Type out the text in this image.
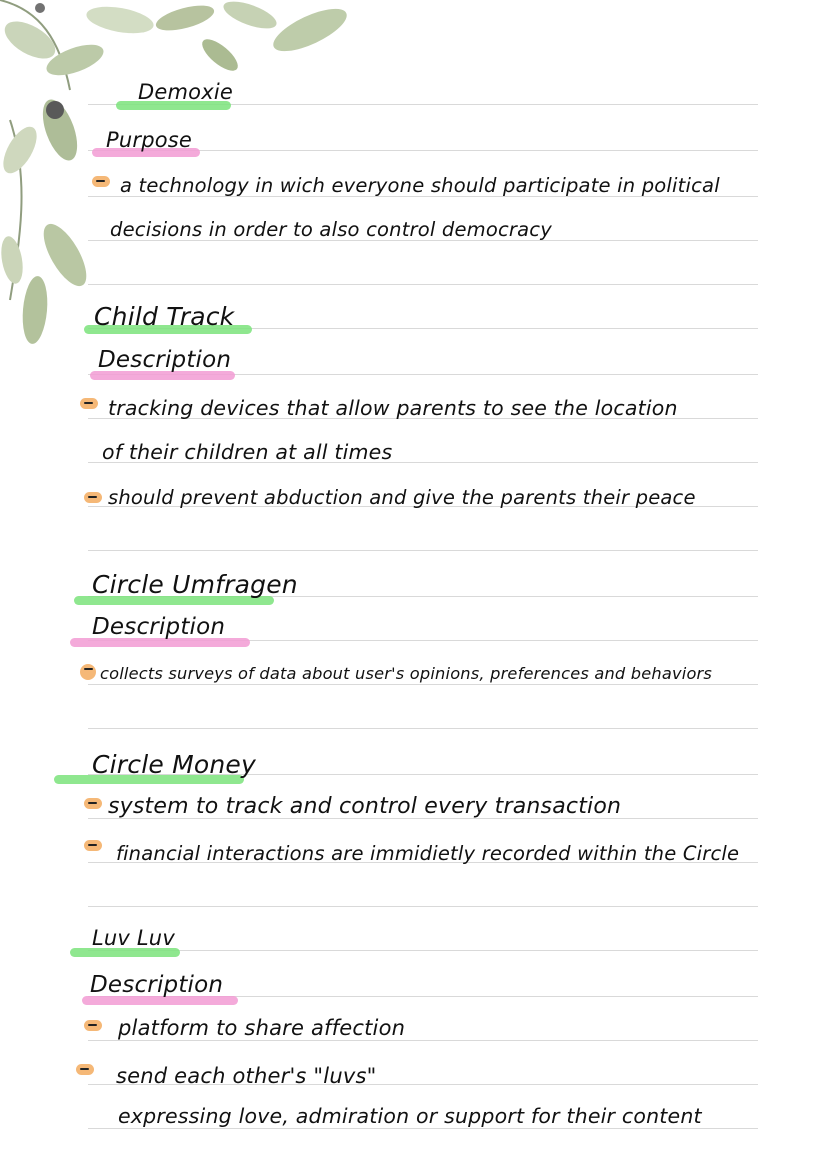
Demoxie
Purpose
a technology in wich everyone should participate in political
decisions in order to also control democracy
Child Track
Description
tracking devices that allow parents to see the location
of their children at all times
should prevent abduction and give the parents their peace
Circle Umfragen
Description
collects surveys of data about user's opinions, preferences and behaviors
Circle Money
system to track and control every transaction
financial interactions are immidietly recorded within the Circle
Luv Luv
Description
platform to share affection
send each other's "luvs"
expressing love, admiration or support for their content
